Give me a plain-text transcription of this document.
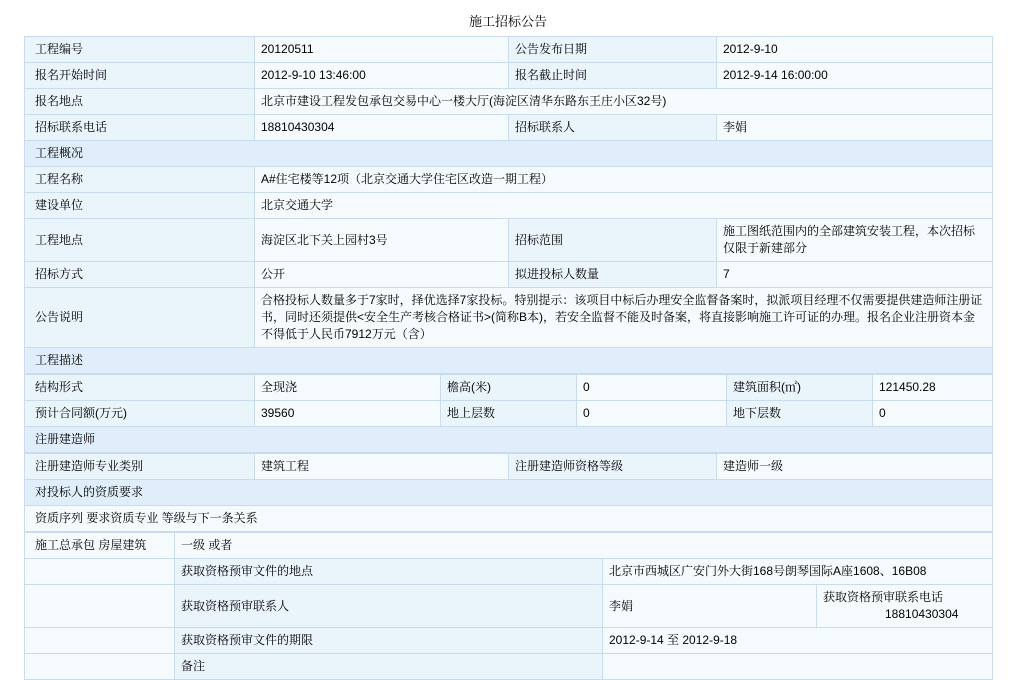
施工招标公告
工程编号	20120511	公告发布日期	2012-9-10
报名开始时间	2012-9-10 13:46:00	报名截止时间	2012-9-14 16:00:00
报名地点	北京市建设工程发包承包交易中心一楼大厅(海淀区清华东路东王庄小区32号)		
招标联系电话	18810430304	招标联系人	李娟
工程概况			
工程名称	A#住宅楼等12项（北京交通大学住宅区改造一期工程）		
建设单位	北京交通大学		
工程地点	海淀区北下关上园村3号	招标范围	施工图纸范围内的全部建筑安装工程，本次招标仅限于新建部分
招标方式	公开	拟进投标人数量	7
公告说明	合格投标人数量多于7家时，择优选择7家投标。特别提示：该项目中标后办理安全监督备案时，拟派项目经理不仅需要提供建造师注册证书，同时还须提供<安全生产考核合格证书>(简称B本)，若安全监督不能及时备案，将直接影响施工许可证的办理。报名企业注册资本金不得低于人民币7912万元（含）		
工程描述			
结构形式	全现浇	檐高(米)	0	建筑面积(㎡)	121450.28
预计合同额(万元)	39560	地上层数	0	地下层数	0
注册建造师					
注册建造师专业类别	建筑工程	注册建造师资格等级	建造师一级
对投标人的资质要求
资质序列 要求资质专业 等级与下一条关系
施工总承包 房屋建筑	一级 或者		
	获取资格预审文件的地点	北京市西城区广安门外大街168号朗琴国际A座1608、16B08	
	获取资格预审联系人	李娟	获取资格预审联系电话 18810430304
	获取资格预审文件的期限	2012-9-14 至 2012-9-18	
	备注		
